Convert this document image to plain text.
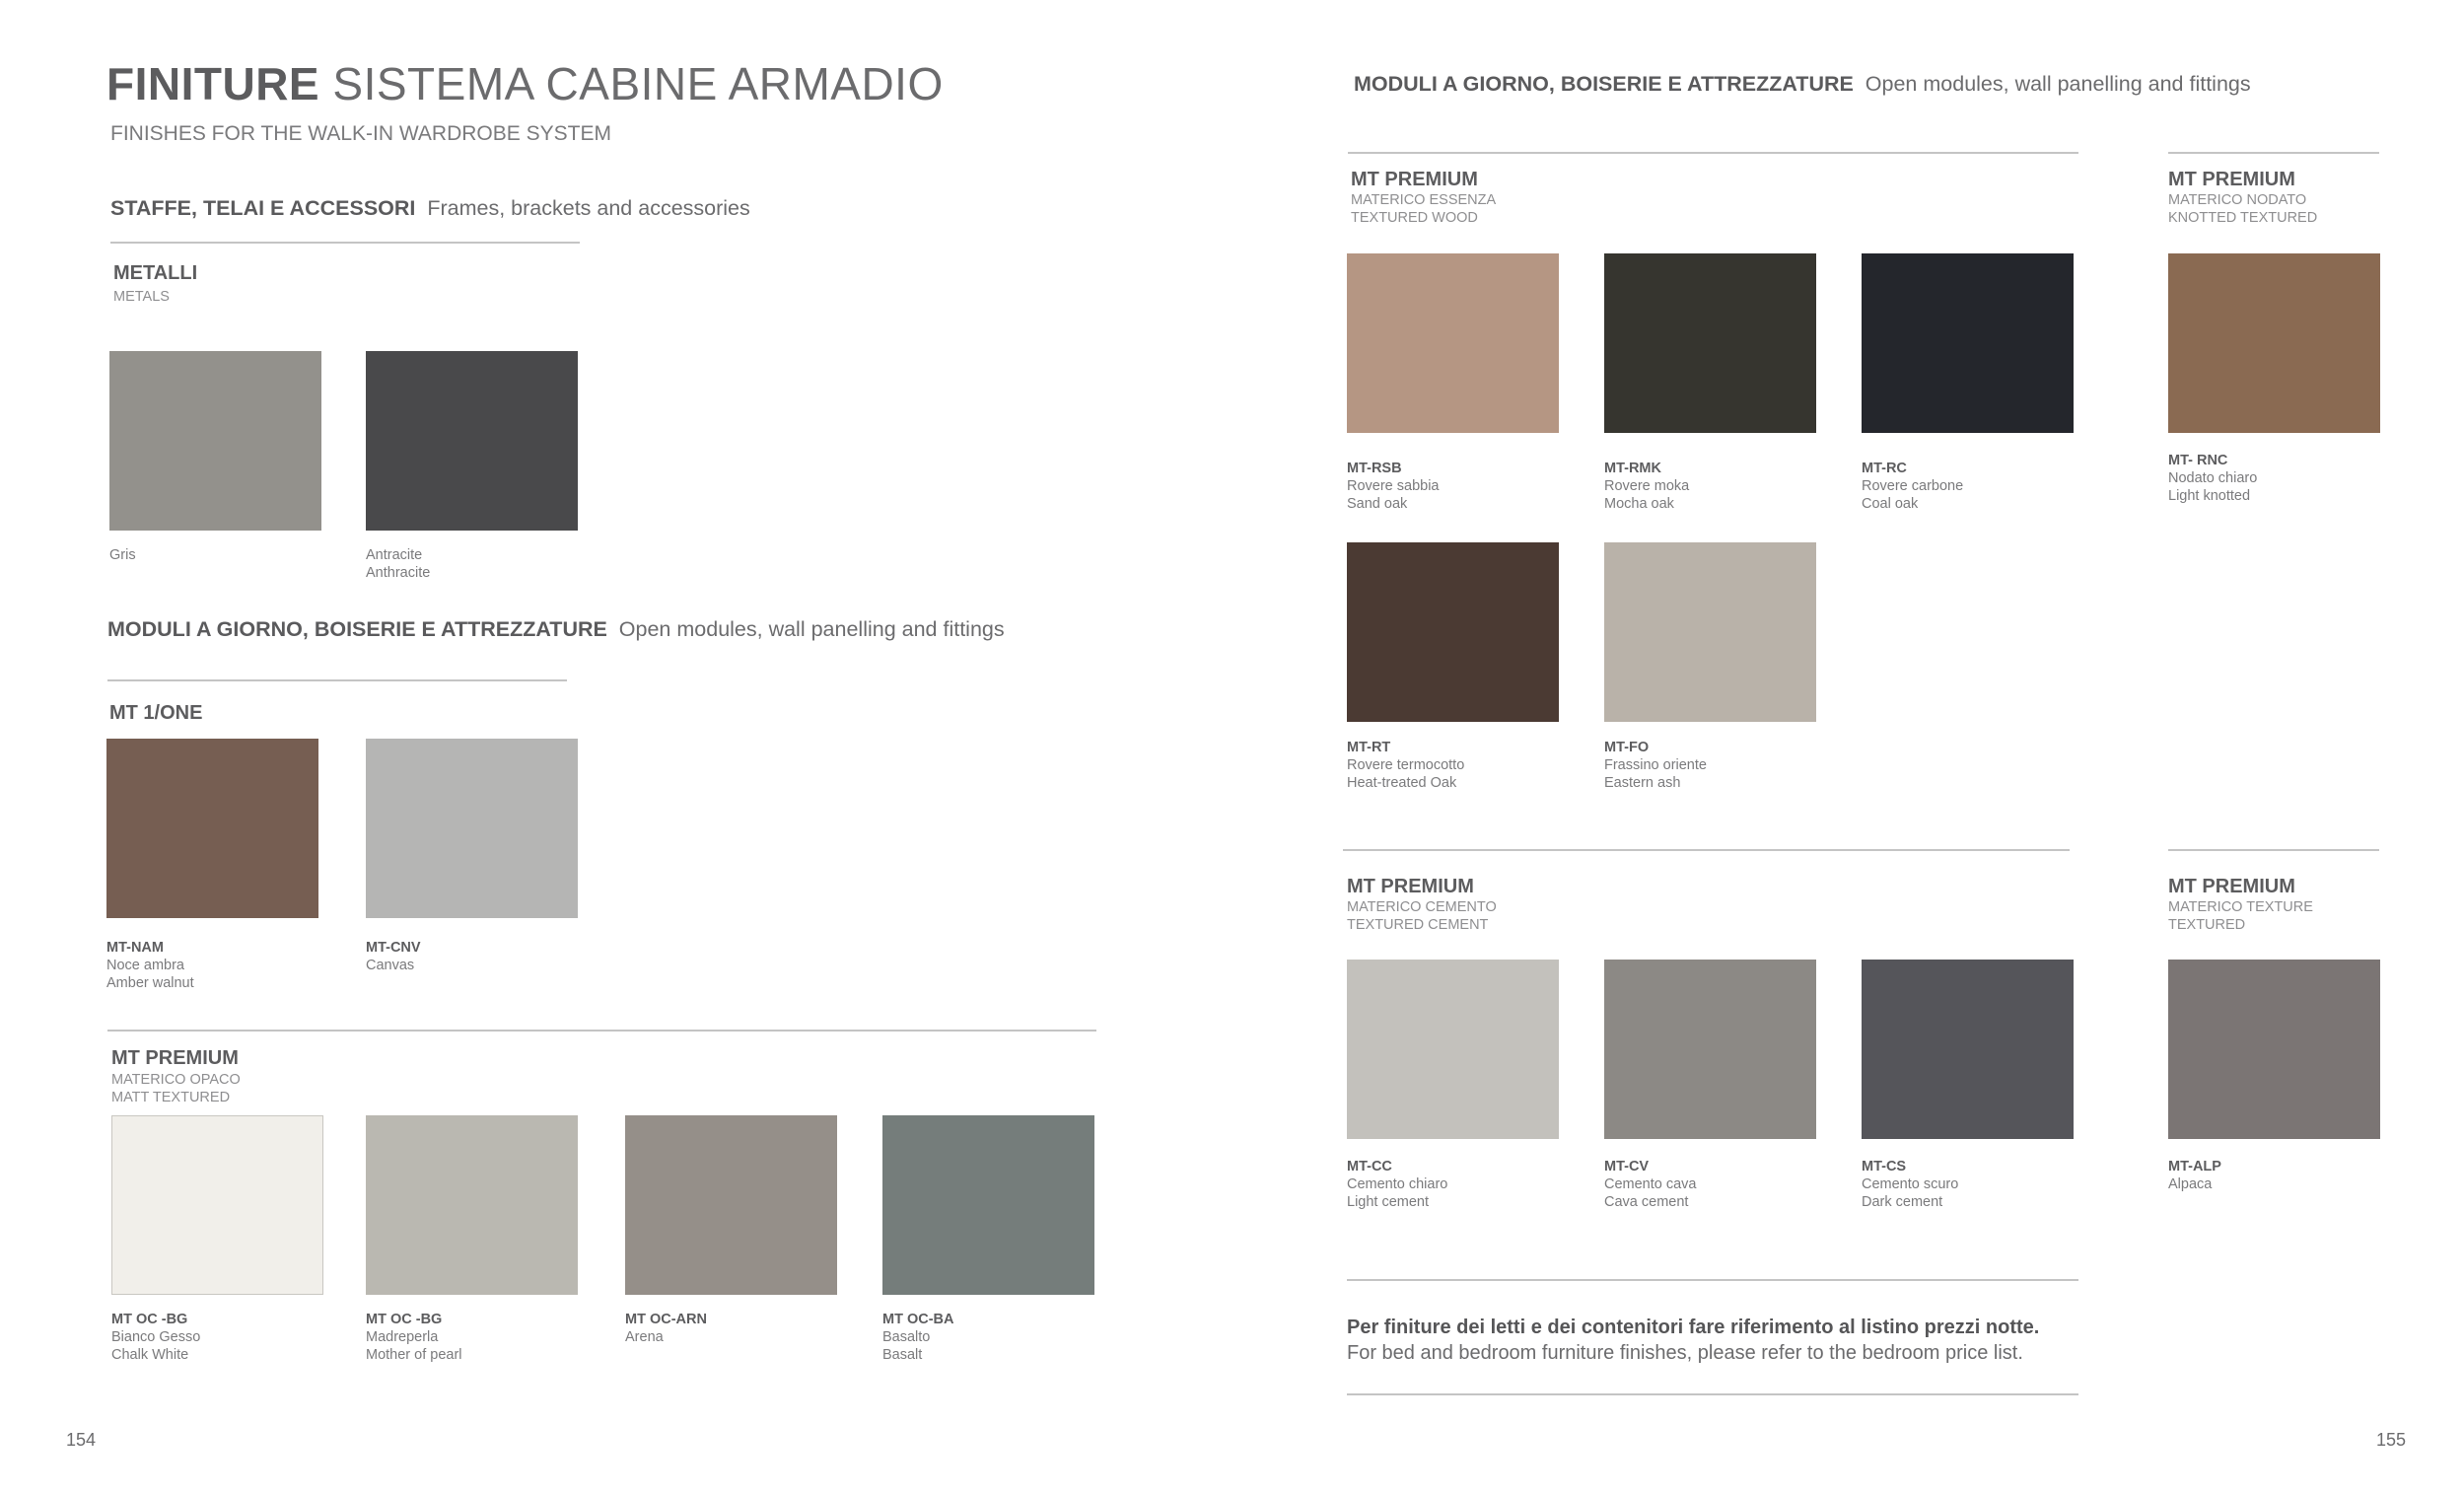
FINITURE SISTEMA CABINE ARMADIO
FINISHES FOR THE WALK-IN WARDROBE SYSTEM
STAFFE, TELAI E ACCESSORI Frames, brackets and accessories
METALLI
METALS
Gris	Antracite
Anthracite
MODULI A GIORNO, BOISERIE E ATTREZZATURE Open modules, wall panelling and fittings
MT 1/ONE
MT-NAM
Noce ambra
Amber walnut
MT-CNV
Canvas
MT PREMIUM
MATERICO OPACO
MATT TEXTURED
MT OC -BG
Bianco Gesso
Chalk White
MT OC -BG
Madreperla
Mother of pearl
MT OC-ARN
Arena
MT OC-BA
Basalto
Basalt
154
MODULI A GIORNO, BOISERIE E ATTREZZATURE Open modules, wall panelling and fittings
MT PREMIUM
MATERICO ESSENZA
TEXTURED WOOD
MT-RSB
Rovere sabbia
Sand oak
MT-RMK
Rovere moka
Mocha oak
MT-RC
Rovere carbone
Coal oak
MT-RT
Rovere termocotto
Heat-treated Oak
MT-FO
Frassino oriente
Eastern ash
MT PREMIUM
MATERICO NODATO
KNOTTED TEXTURED
MT- RNC
Nodato chiaro
Light knotted
MT PREMIUM
MATERICO CEMENTO
TEXTURED CEMENT
MT-CC
Cemento chiaro
Light cement
MT-CV
Cemento cava
Cava cement
MT-CS
Cemento scuro
Dark cement
MT PREMIUM
MATERICO TEXTURE
TEXTURED
MT-ALP
Alpaca
Per finiture dei letti e dei contenitori fare riferimento al listino prezzi notte.
For bed and bedroom furniture finishes, please refer to the bedroom price list.
155
